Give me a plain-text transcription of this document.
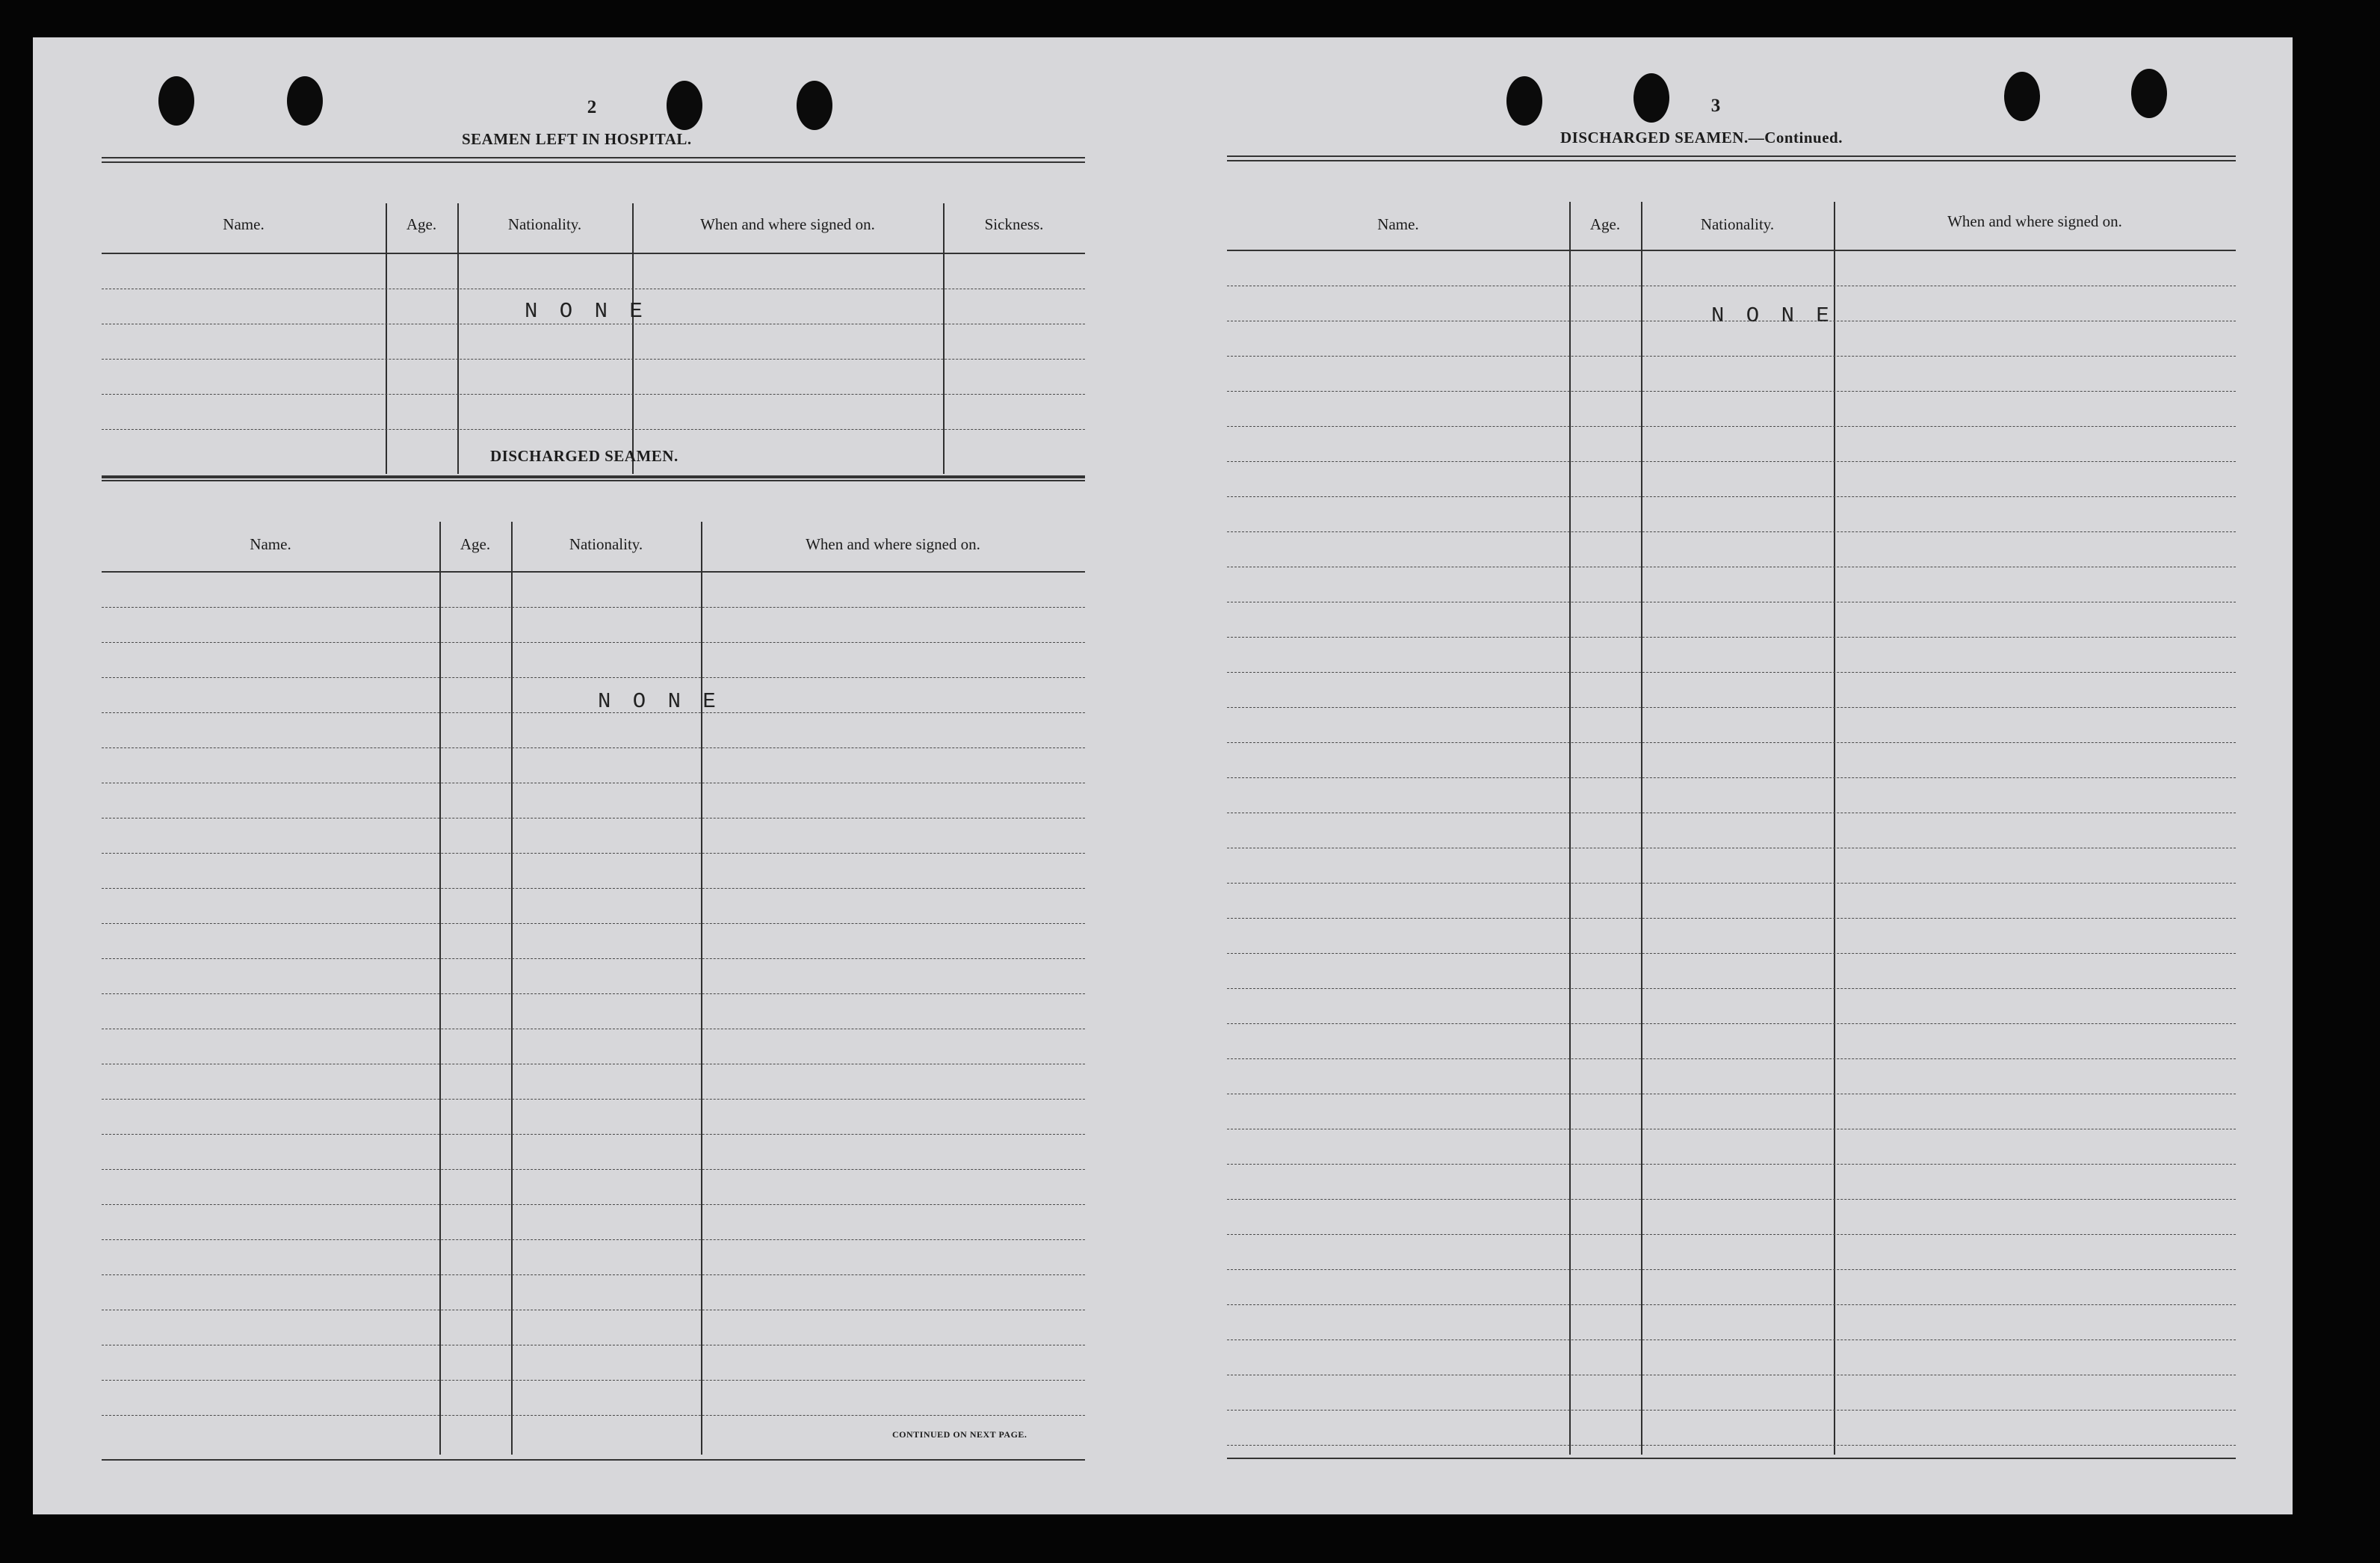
2
SEAMEN LEFT IN HOSPITAL.
Name.	Age.	Nationality.	When and where signed on.	Sickness.
N O N E
DISCHARGED SEAMEN.
Name.	Age.	Nationality.	When and where signed on.
N O N E
CONTINUED ON NEXT PAGE.
3
DISCHARGED SEAMEN.—Continued.
Name.	Age.	Nationality.	When and where signed on.
N O N E
